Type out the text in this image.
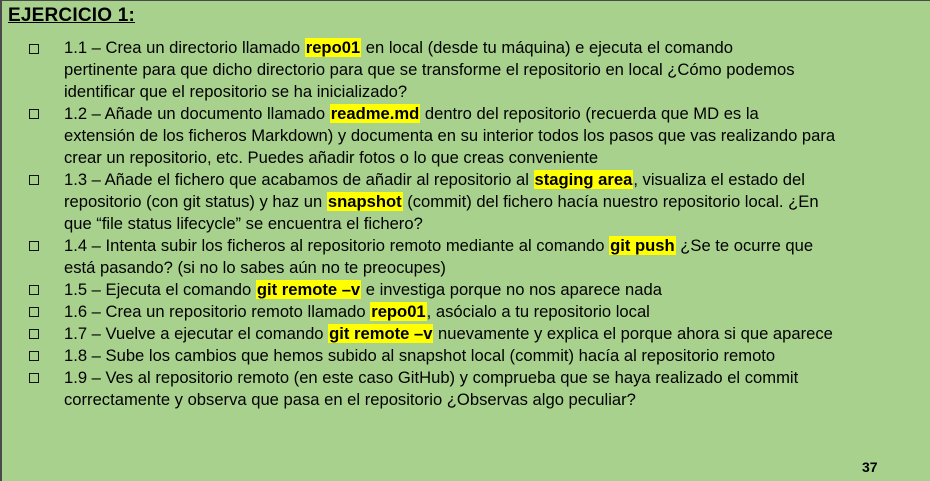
EJERCICIO 1:
1.1 – Crea un directorio llamado repo01 en local (desde tu máquina) e ejecuta el comando
pertinente para que dicho directorio para que se transforme el repositorio en local ¿Cómo podemos
identificar que el repositorio se ha inicializado?
1.2 – Añade un documento llamado readme.md dentro del repositorio (recuerda que MD es la
extensión de los ficheros Markdown) y documenta en su interior todos los pasos que vas realizando para
crear un repositorio, etc. Puedes añadir fotos o lo que creas conveniente
1.3 – Añade el fichero que acabamos de añadir al repositorio al staging area, visualiza el estado del
repositorio (con git status) y haz un snapshot (commit) del fichero hacía nuestro repositorio local. ¿En
que “file status lifecycle” se encuentra el fichero?
1.4 – Intenta subir los ficheros al repositorio remoto mediante al comando git push ¿Se te ocurre que
está pasando? (si no lo sabes aún no te preocupes)
1.5 – Ejecuta el comando git remote –v e investiga porque no nos aparece nada
1.6 – Crea un repositorio remoto llamado repo01, asócialo a tu repositorio local
1.7 – Vuelve a ejecutar el comando git remote –v nuevamente y explica el porque ahora si que aparece
1.8 – Sube los cambios que hemos subido al snapshot local (commit) hacía al repositorio remoto
1.9 – Ves al repositorio remoto (en este caso GitHub) y comprueba que se haya realizado el commit
correctamente y observa que pasa en el repositorio ¿Observas algo peculiar?
37
